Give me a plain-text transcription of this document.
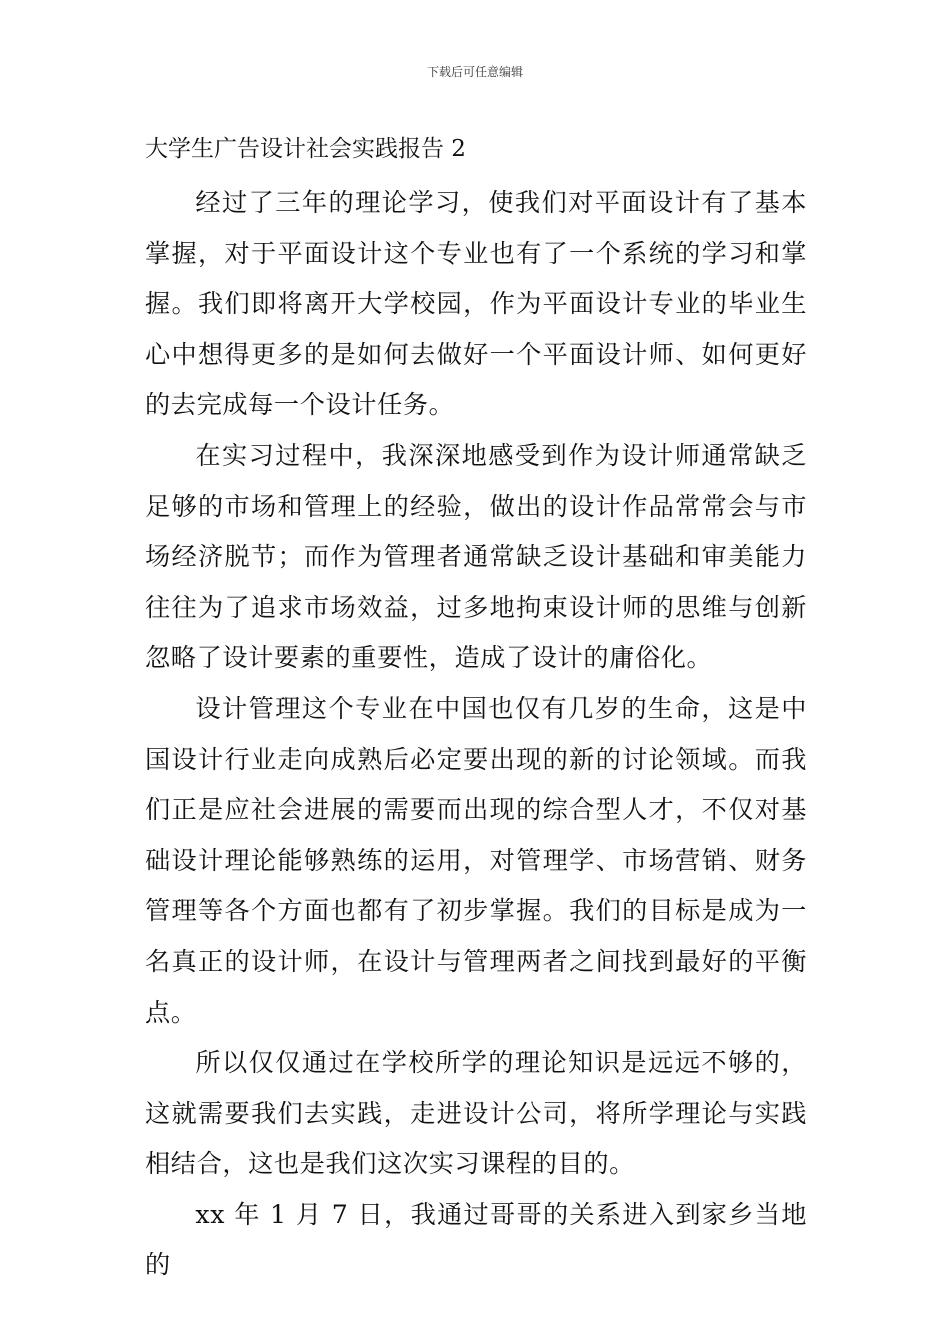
下载后可任意编辑
大学生广告设计社会实践报告 2

经过了三年的理论学习，使我们对平面设计有了基本掌握，对于平面设计这个专业也有了一个系统的学习和掌握。我们即将离开大学校园，作为平面设计专业的毕业生心中想得更多的是如何去做好一个平面设计师、如何更好的去完成每一个设计任务。

在实习过程中，我深深地感受到作为设计师通常缺乏足够的市场和管理上的经验，做出的设计作品常常会与市场经济脱节；而作为管理者通常缺乏设计基础和审美能力往往为了追求市场效益，过多地拘束设计师的思维与创新忽略了设计要素的重要性，造成了设计的庸俗化。

设计管理这个专业在中国也仅有几岁的生命，这是中国设计行业走向成熟后必定要出现的新的讨论领域。而我们正是应社会进展的需要而出现的综合型人才，不仅对基础设计理论能够熟练的运用，对管理学、市场营销、财务管理等各个方面也都有了初步掌握。我们的目标是成为一名真正的设计师，在设计与管理两者之间找到最好的平衡点。

所以仅仅通过在学校所学的理论知识是远远不够的，这就需要我们去实践，走进设计公司，将所学理论与实践相结合，这也是我们这次实习课程的目的。

xx 年 1 月 7 日，我通过哥哥的关系进入到家乡当地的
